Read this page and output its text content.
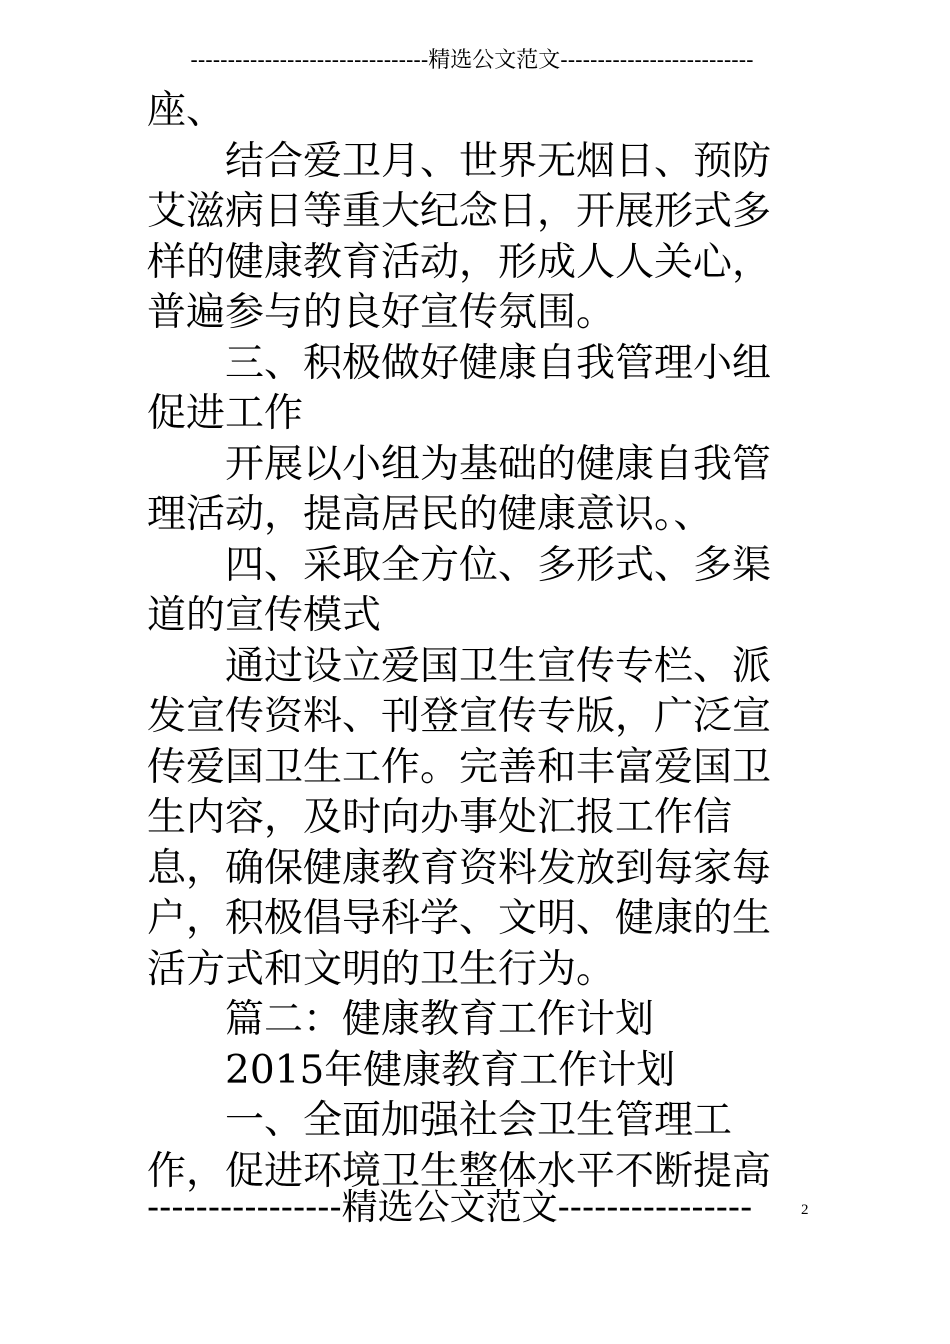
--------------------------------精选公文范文--------------------------

座、

结合爱卫月、世界无烟日、预防艾滋病日等重大纪念日，开展形式多样的健康教育活动，形成人人关心，普遍参与的良好宣传氛围。

三、积极做好健康自我管理小组促进工作

开展以小组为基础的健康自我管理活动，提高居民的健康意识。、

四、采取全方位、多形式、多渠道的宣传模式

通过设立爱国卫生宣传专栏、派发宣传资料、刊登宣传专版，广泛宣传爱国卫生工作。完善和丰富爱国卫生内容，及时向办事处汇报工作信息，确保健康教育资料发放到每家每户，积极倡导科学、文明、健康的生活方式和文明的卫生行为。

篇二：健康教育工作计划

2015年健康教育工作计划

一、全面加强社会卫生管理工作，促进环境卫生整体水平不断提高

----------------精选公文范文----------------	2
